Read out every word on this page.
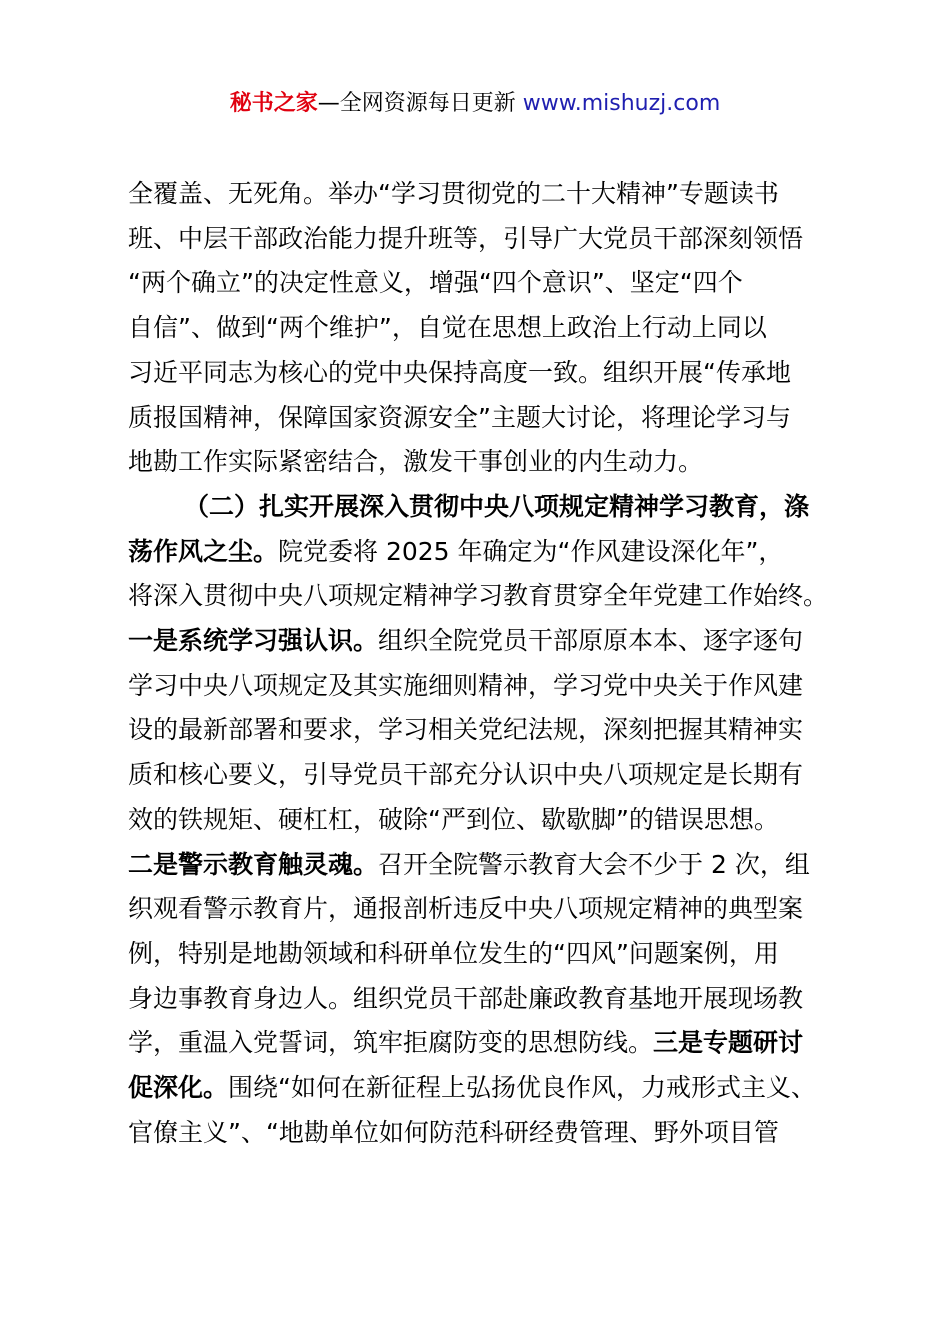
秘书之家—全网资源每日更新 www.mishuzj.com

全覆盖、无死角。举办“学习贯彻党的二十大精神”专题读书
班、中层干部政治能力提升班等，引导广大党员干部深刻领悟
“两个确立”的决定性意义，增强“四个意识”、坚定“四个
自信”、做到“两个维护”，自觉在思想上政治上行动上同以
习近平同志为核心的党中央保持高度一致。组织开展“传承地
质报国精神，保障国家资源安全”主题大讨论，将理论学习与
地勘工作实际紧密结合，激发干事创业的内生动力。
（二）扎实开展深入贯彻中央八项规定精神学习教育，涤
荡作风之尘。院党委将 2025 年确定为“作风建设深化年”，
将深入贯彻中央八项规定精神学习教育贯穿全年党建工作始终。
一是系统学习强认识。组织全院党员干部原原本本、逐字逐句
学习中央八项规定及其实施细则精神，学习党中央关于作风建
设的最新部署和要求，学习相关党纪法规，深刻把握其精神实
质和核心要义，引导党员干部充分认识中央八项规定是长期有
效的铁规矩、硬杠杠，破除“严到位、歇歇脚”的错误思想。
二是警示教育触灵魂。召开全院警示教育大会不少于 2 次，组
织观看警示教育片，通报剖析违反中央八项规定精神的典型案
例，特别是地勘领域和科研单位发生的“四风”问题案例，用
身边事教育身边人。组织党员干部赴廉政教育基地开展现场教
学，重温入党誓词，筑牢拒腐防变的思想防线。三是专题研讨
促深化。围绕“如何在新征程上弘扬优良作风，力戒形式主义、
官僚主义”、“地勘单位如何防范科研经费管理、野外项目管
